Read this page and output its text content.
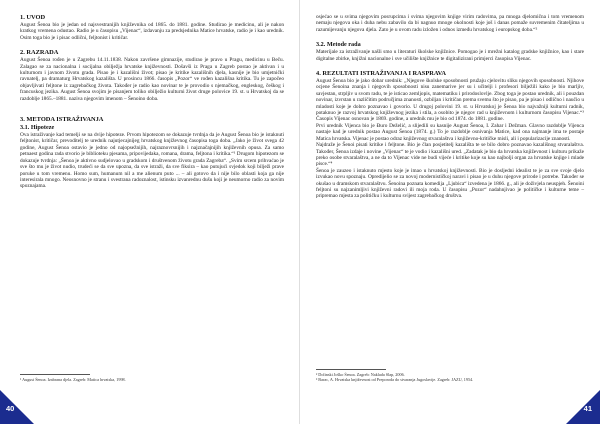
1. UVOD

August Šenoa bio je jedan od najsvestranijih književnika od 1865. do 1881. godine. Studirao je medicinu, ali je nakon kratkog vremena odustao. Radio je u časopisu „Vijenac“, izdavanju za predsjednika Matice hrvatske, radio je i kao urednik. Osim toga bio je i pisac odlični, feljtonist i kritičar.

2. RAZRADA

August Šenoa rođen je u Zagrebu 14.11.1838. Nakon završene gimnazije, studirao je pravo u Pragu, medicinu u Beču. Zalagao se za nacionalna i socijalna obilježja hrvatske književnosti. Došavši iz Praga u Zagreb postao je aktivan i u kulturnom i javnom životu grada. Pisao je i kazališni život; pisao je kritike kazališnih djela, kasnije je bio umjetnički ravnatelj, pa dramaturg Hrvatskog kazališta. U prosincu 1866. časopis „Pozor“ ve rođen kazališna kritika. Tu je započeo objavljivati feljtone iz zagrebačkog života. Također je radio kao novinar te je provodio s njemačkog, engleskog, češkog i francuskog jezika. August Šenoa svojim je pisanjem toliko obilježio kulturni život druge polovice 19. st. u Hrvatskoj da se razdoblje 1865.–1881. naziva njegovim imenom – Šenoino doba.

3. METODA ISTRAŽIVANJA
3.1. Hipoteze

Ova istraživanje kad temelji se na dvije hipoteze. Prvom hipotezom se dokazuje tvrdnja da je August Šenoa bio je istaknuti feljtonist, kritičar, prevoditelj te urednik najutjecajnijeg hrvatskog književnog časopisa toga doba. „Jako je život svega 42 godine, August Šenoa ostavio je jedno od najopsežnijih, najraznovrsnijih i najznačajnijih književnih opusa. Za samo petnaest godina rada stvorio je biblioteku pjesama, pripovijedaka, romana, drama, feljtona i kritika.“¹ Drugom hipotezom se dokazuje tvrdnja: „Šenoa je aktivno sudjelovao u gradskom i društvenom životu grada Zagreba“. „Svim srcem prihvaćao je sve što mu je život nudio, trudeći se da sve upozna, da sve istraži, da sve fiksira – kao putujući svjedok koji bilježi prave poruke u tom vremenu. Homo sum, humanum nil a me alienum puto ... – ali gotovo da i nije bilo oblasti koja ga nije interesirala mnogo. Neosnovno je stranu i svestrana radoznalost, istinsku izvanrednu dušu koji je neumorno radio za novim spoznajama.

¹ August Šenoa. Izabrana djela. Zagreb: Matica hrvatska, 1998.
40

osjećao se u svima njegovim posrupcima i svima njegovim knjige virim radovima, pa mnoga djelomična i tom vremenom nemaju njegova oka i duha nebu zabavilo da bi nagnuo mnoge okolnosti koje još i danas pomaže suvremenim čitateljima u razumijevanju njegova djela. Zato je u ovom radu izložen i odnos između hrvatskog i europskog doba.“²

3.2. Metode rada

Materijale za istraživanje našli smo u literaturi školske knjižnice. Pomogao je i mrežni katalog gradske knjižnice, kao i stare digitalne zbirke, knjižni nacionalne i sve učilište knjižnice te digitalizirani primjerci časopisa Vijenac.

4. REZULTATI ISTRAŽIVANJA I RASPRAVA

August Šenoa bio je jako dobar urednik: „Njegove školske sposobnosti pružaju cjelovitu sliku njegovih sposobnosti. Njihove ocjene Šenoina znanja i njegovih sposobnosti nisu zanemarive jer su i učitelji i profesori bilježili kako je bio marljiv, savjestan, strpljiv u svom radu, te je isticao zemljopis, matematiku i prirodoslovlje. Zbog toga je postao urednik, ali i pouzdan novinar, izvrstan u različitim područjima znanosti, ozbiljan i kritičan prema svemu što je pisao, pa je pisao i odlično i naučio u mladosti koje je dobro poznavao i govorio. U drugoj polovini 19. st. u Hrvatskoj je Šenoa bio najvažniji kulturni radnik, potaknuo je razvoj hrvatskog književnog jezika i stila, a osobito je njegov rad u književnom i kulturnom časopisu Vijenac.“³ Časopis Vijenac osnovan je 1869. godine, a urednik mu je bio od 1874. do 1881. godine.

Prvi urednik Vijenca bio je Đuro Deželić, a slijedili su kasnije August Šenoa, I. Zahar i Dežman. Glavno razdoblje Vijenca nastaje kad je urednik postao August Šenoa (1874. g.) To je razdoblje osnivanja Matice, kad ona najmanje ima te postaje Matica hrvatska. Vijenac je postao odraz književnog stvaralaštva i književno-kritičke misli, ali i popularizacije znanosti.

Najdraže je Šenoi pisati kritike i feljtone. Bio je član posjetitelj kazališta te se bilo dobro poznavao kazališnog stvaralaštva. Također, Šenoa izdaje i novine „Vijenac“ te je vodio i kazališni ured. „Zadatak je bio da hrvatska književnost i kulturu prikaže preko osobe stvaralaštva, a ne da to Vijenac vide ne budi vijeće i kritike koje su kao najbolji organ za hrvatske knjige i mlade pisce.“⁴

Šenoa je zauzeo i istaknuto mjesto koje je imao u hrvatskoj književnosti. Bio je dosljedni idealist te je za sve svoje djelo izvukao novu spoznaju. Opredijelio se za novoj modernističkoj naravi i pisao je u duhu njegove prirode i potrebe. Također se okušao u dramskom stvaralaštvu. Šenoina poznata komedija „Ljubica“ izvedena je 1866. g., ali je doživjela neuspjeh. Šenoini feljtoni su najzanimljivi književni radovi ili moja roda. U časopisu „Pozor“ nadahnjivao je političke i kulturne teme – pripremao mjesta za političku i kulturnu svijest zagrebačkog društva.

² Dolinski Joško Šenoa. Zagreb: Naklada Slap, 2006.
³ Barac, A. Hrvatska književnost od Preporoda do stvaranja Jugoslavije. Zagreb: JAZU, 1954.
41
